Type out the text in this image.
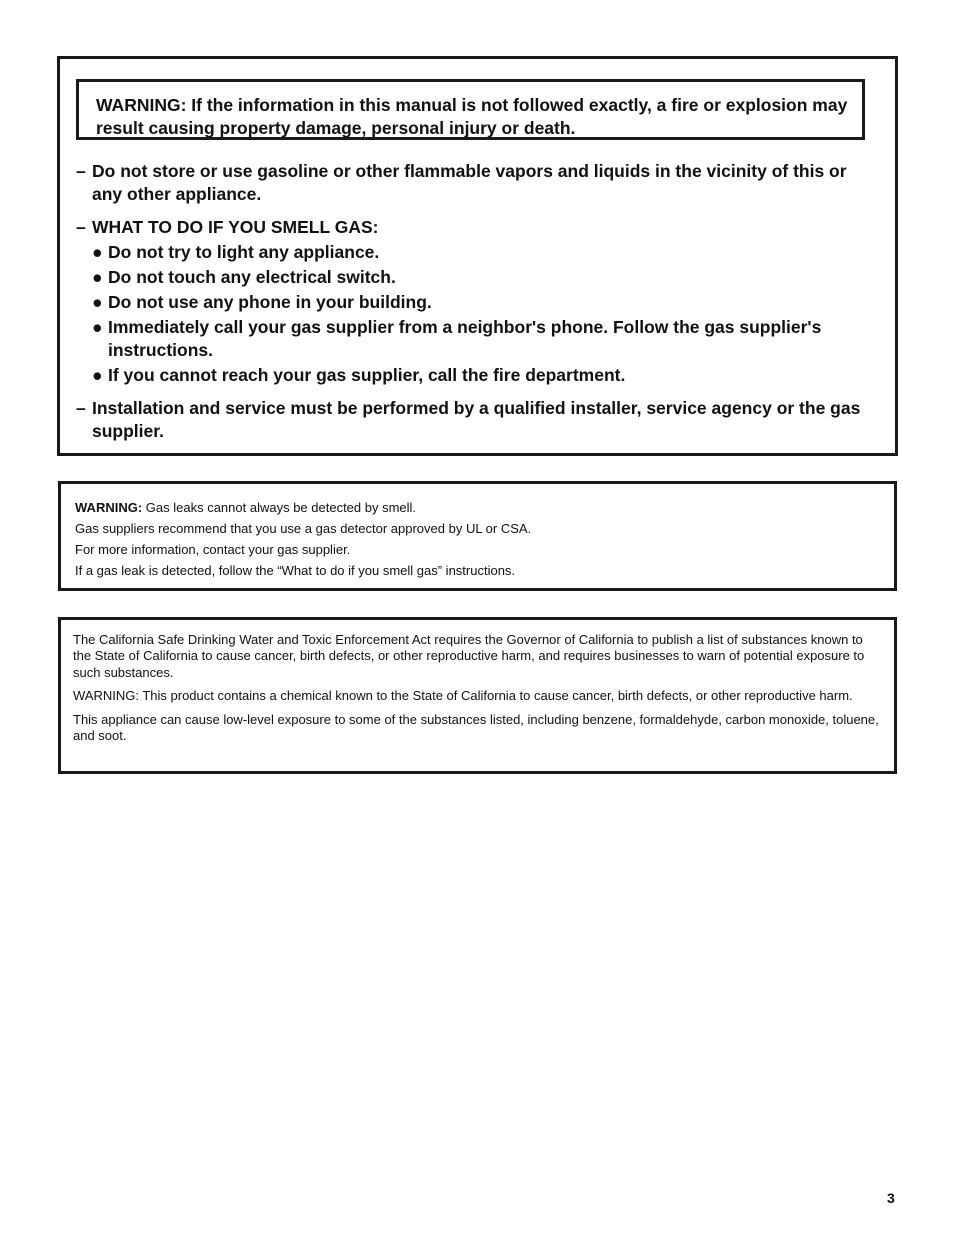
WARNING: If the information in this manual is not followed exactly, a fire or explosion may result causing property damage, personal injury or death.
– Do not store or use gasoline or other flammable vapors and liquids in the vicinity of this or any other appliance.
– WHAT TO DO IF YOU SMELL GAS:
● Do not try to light any appliance.
● Do not touch any electrical switch.
● Do not use any phone in your building.
● Immediately call your gas supplier from a neighbor's phone. Follow the gas supplier's instructions.
● If you cannot reach your gas supplier, call the fire department.
– Installation and service must be performed by a qualified installer, service agency or the gas supplier.
WARNING: Gas leaks cannot always be detected by smell.
Gas suppliers recommend that you use a gas detector approved by UL or CSA.
For more information, contact your gas supplier.
If a gas leak is detected, follow the “What to do if you smell gas” instructions.

The California Safe Drinking Water and Toxic Enforcement Act requires the Governor of California to publish a list of substances known to the State of California to cause cancer, birth defects, or other reproductive harm, and requires businesses to warn of potential exposure to such substances.

WARNING: This product contains a chemical known to the State of California to cause cancer, birth defects, or other reproductive harm.

This appliance can cause low-level exposure to some of the substances listed, including benzene, formaldehyde, carbon monoxide, toluene, and soot.

3
